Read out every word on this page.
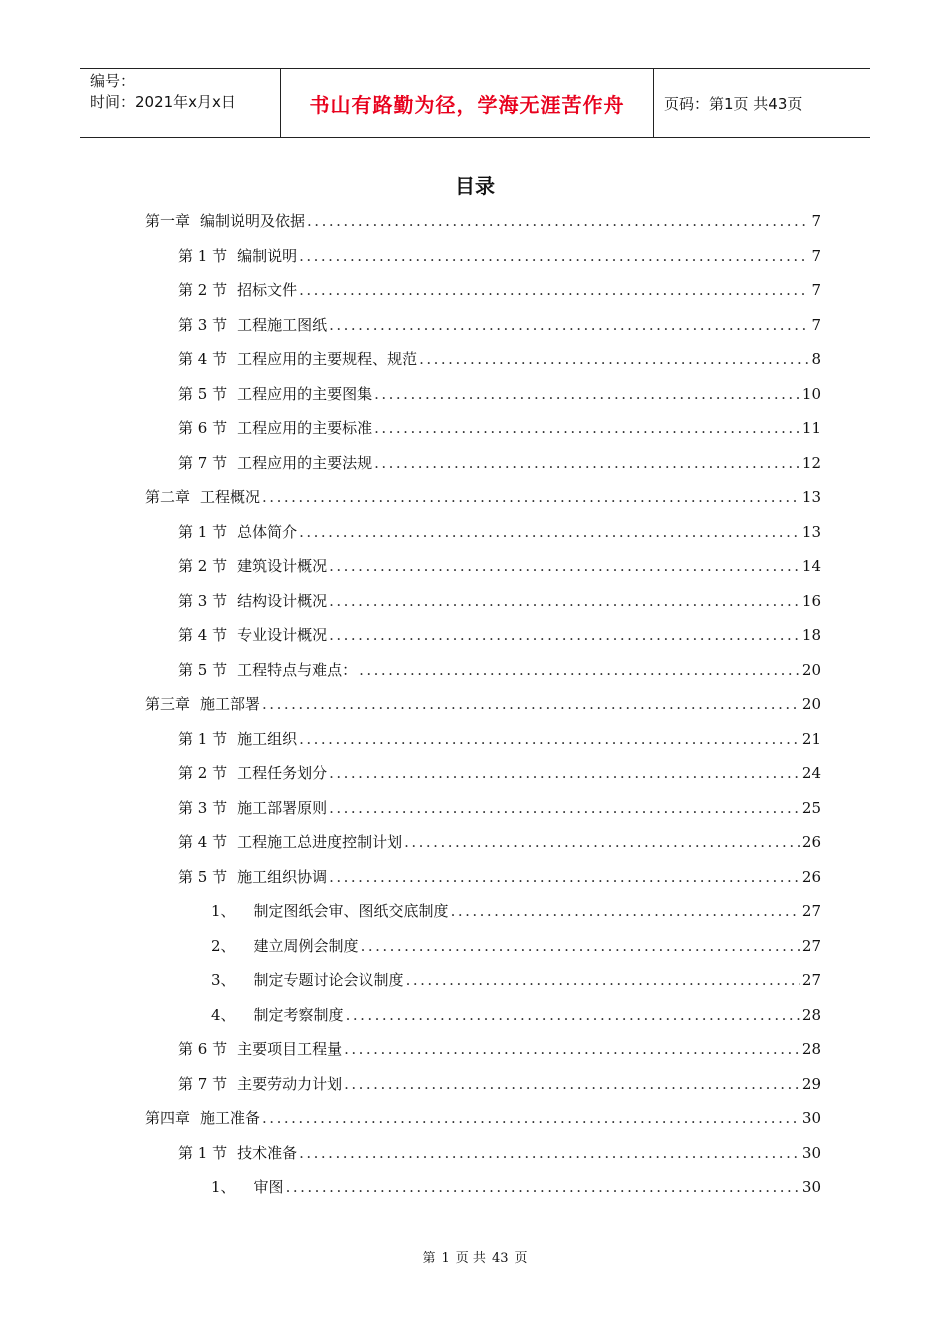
编号：
时间：2021年x月x日	书山有路勤为径，学海无涯苦作舟	页码：第1页 共43页
目录
第一章 编制说明及依据 .....	7
第 1 节 编制说明 .....	7
第 2 节 招标文件 .....	7
第 3 节 工程施工图纸 .....	7
第 4 节 工程应用的主要规程、规范 .....	8
第 5 节 工程应用的主要图集 .....	10
第 6 节 工程应用的主要标准 .....	11
第 7 节 工程应用的主要法规 .....	12
第二章 工程概况 .....	13
第 1 节 总体简介 .....	13
第 2 节 建筑设计概况 .....	14
第 3 节 结构设计概况 .....	16
第 4 节 专业设计概况 .....	18
第 5 节 工程特点与难点： .....	20
第三章 施工部署 .....	20
第 1 节 施工组织 .....	21
第 2 节 工程任务划分 .....	24
第 3 节 施工部署原则 .....	25
第 4 节 工程施工总进度控制计划 .....	26
第 5 节 施工组织协调 .....	26
1、 制定图纸会审、图纸交底制度 .....	27
2、 建立周例会制度 .....	27
3、 制定专题讨论会议制度 .....	27
4、 制定考察制度 .....	28
第 6 节 主要项目工程量 .....	28
第 7 节 主要劳动力计划 .....	29
第四章 施工准备 .....	30
第 1 节 技术准备 .....	30
1、 审图 .....	30
第 1 页 共 43 页
